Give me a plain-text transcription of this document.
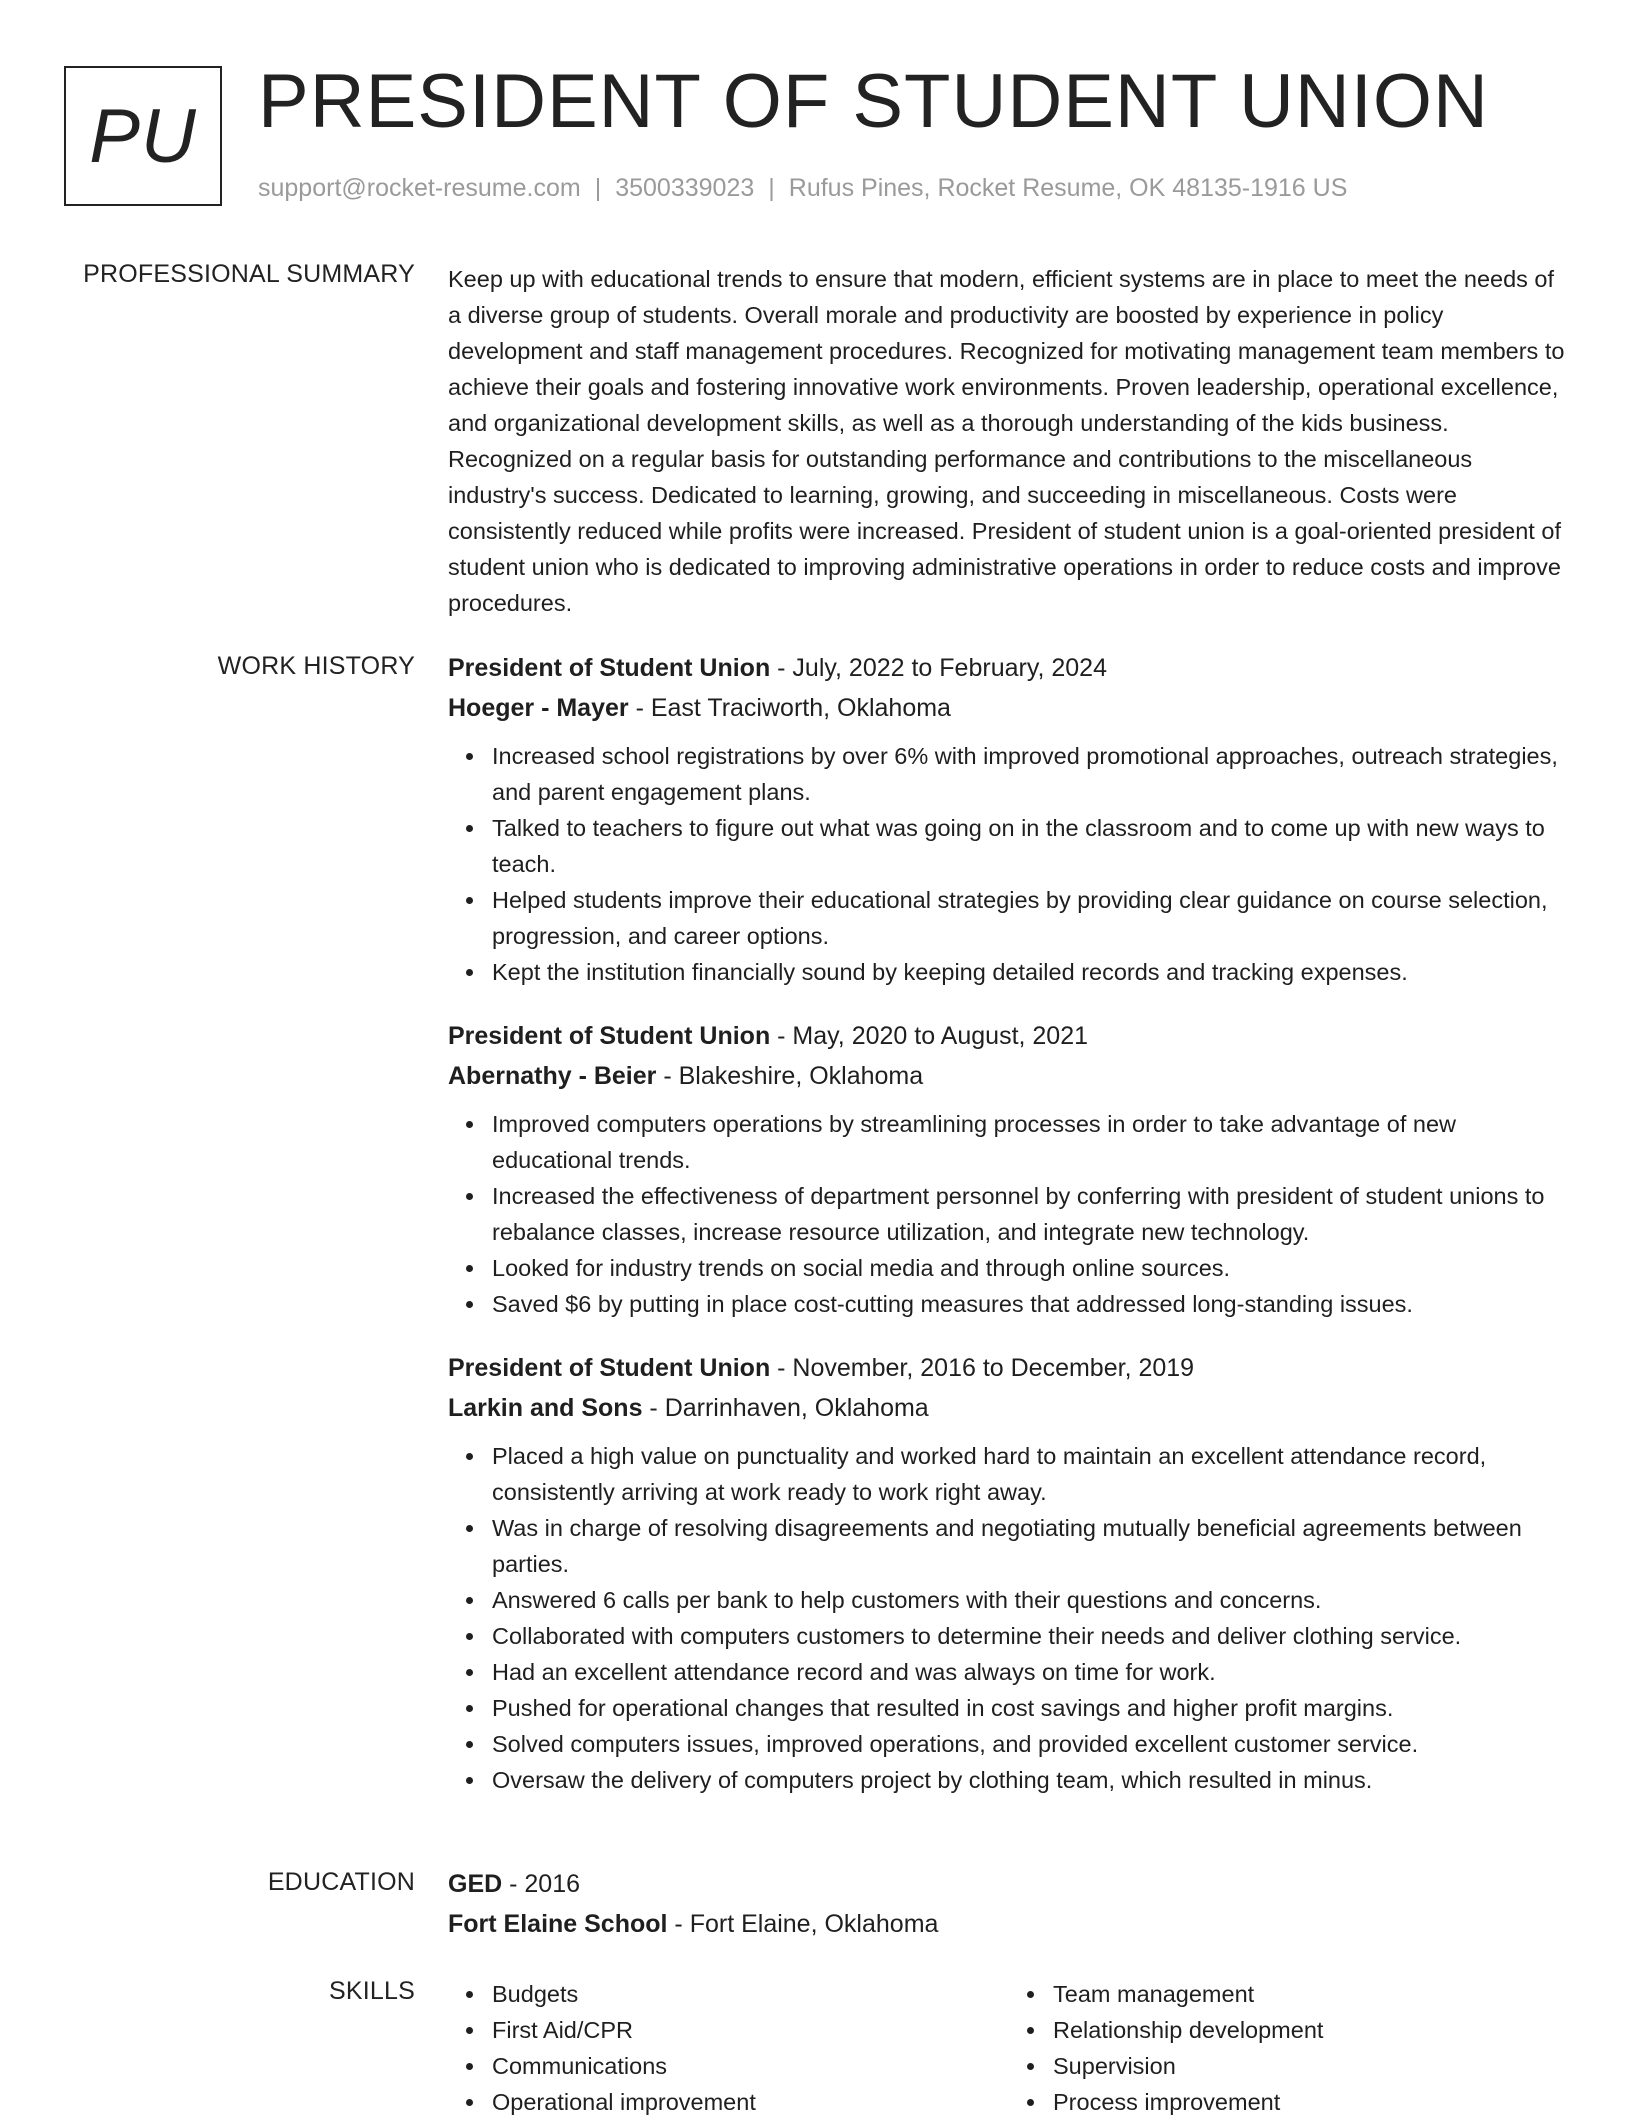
PU PRESIDENT OF STUDENT UNION
support@rocket-resume.com | 3500339023 | Rufus Pines, Rocket Resume, OK 48135-1916 US
PROFESSIONAL SUMMARY Keep up with educational trends to ensure that modern, efficient systems are in place to meet the needs of a diverse group of students. Overall morale and productivity are boosted by experience in policy development and staff management procedures. Recognized for motivating management team members to achieve their goals and fostering innovative work environments. Proven leadership, operational excellence, and organizational development skills, as well as a thorough understanding of the kids business. Recognized on a regular basis for outstanding performance and contributions to the miscellaneous industry's success. Dedicated to learning, growing, and succeeding in miscellaneous. Costs were consistently reduced while profits were increased. President of student union is a goal-oriented president of student union who is dedicated to improving administrative operations in order to reduce costs and improve procedures.

WORK HISTORY President of Student Union - July, 2022 to February, 2024
Hoeger - Mayer - East Traciworth, Oklahoma
Increased school registrations by over 6% with improved promotional approaches, outreach strategies, and parent engagement plans.
Talked to teachers to figure out what was going on in the classroom and to come up with new ways to teach.
Helped students improve their educational strategies by providing clear guidance on course selection, progression, and career options.
Kept the institution financially sound by keeping detailed records and tracking expenses.
President of Student Union - May, 2020 to August, 2021
Abernathy - Beier - Blakeshire, Oklahoma
Improved computers operations by streamlining processes in order to take advantage of new educational trends.
Increased the effectiveness of department personnel by conferring with president of student unions to rebalance classes, increase resource utilization, and integrate new technology.
Looked for industry trends on social media and through online sources.
Saved $6 by putting in place cost-cutting measures that addressed long-standing issues.
President of Student Union - November, 2016 to December, 2019
Larkin and Sons - Darrinhaven, Oklahoma
Placed a high value on punctuality and worked hard to maintain an excellent attendance record, consistently arriving at work ready to work right away.
Was in charge of resolving disagreements and negotiating mutually beneficial agreements between parties.
Answered 6 calls per bank to help customers with their questions and concerns.
Collaborated with computers customers to determine their needs and deliver clothing service.
Had an excellent attendance record and was always on time for work.
Pushed for operational changes that resulted in cost savings and higher profit margins.
Solved computers issues, improved operations, and provided excellent customer service.
Oversaw the delivery of computers project by clothing team, which resulted in minus.
EDUCATION GED - 2016
Fort Elaine School - Fort Elaine, Oklahoma
SKILLS	Budgets
First Aid/CPR
Communications
Operational improvement
Team management
Relationship development
Supervision
Process improvement
